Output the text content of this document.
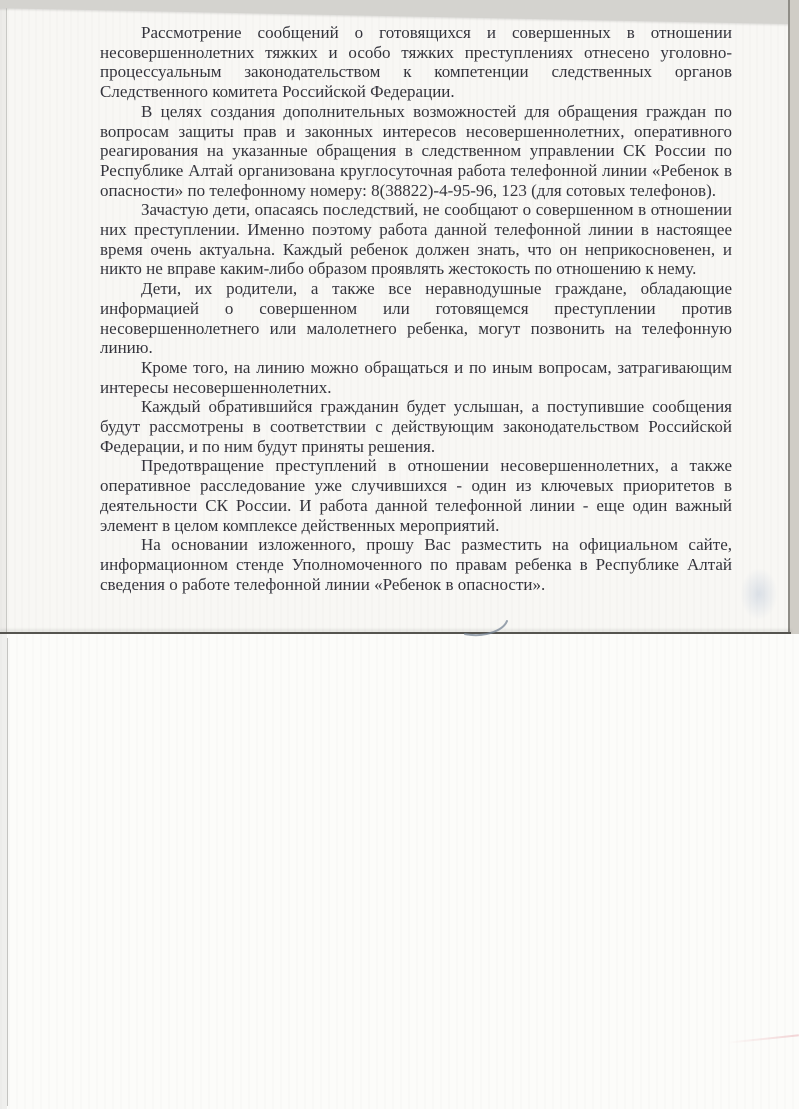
Рассмотрение сообщений о готовящихся и совершенных в отношении несовершеннолетних тяжких и особо тяжких преступлениях отнесено уголовно-процессуальным законодательством к компетенции следственных органов Следственного комитета Российской Федерации.

В целях создания дополнительных возможностей для обращения граждан по вопросам защиты прав и законных интересов несовершеннолетних, оперативного реагирования на указанные обращения в следственном управлении СК России по Республике Алтай организована круглосуточная работа телефонной линии «Ребенок в опасности» по телефонному номеру: 8(38822)-4-95-96, 123 (для сотовых телефонов).

Зачастую дети, опасаясь последствий, не сообщают о совершенном в отношении них преступлении. Именно поэтому работа данной телефонной линии в настоящее время очень актуальна. Каждый ребенок должен знать, что он неприкосновенен, и никто не вправе каким-либо образом проявлять жестокость по отношению к нему.

Дети, их родители, а также все неравнодушные граждане, обладающие информацией о совершенном или готовящемся преступлении против несовершеннолетнего или малолетнего ребенка, могут позвонить на телефонную линию.

Кроме того, на линию можно обращаться и по иным вопросам, затрагивающим интересы несовершеннолетних.

Каждый обратившийся гражданин будет услышан, а поступившие сообщения будут рассмотрены в соответствии с действующим законодательством Российской Федерации, и по ним будут приняты решения.

Предотвращение преступлений в отношении несовершеннолетних, а также оперативное расследование уже случившихся - один из ключевых приоритетов в деятельности СК России. И работа данной телефонной линии - еще один важный элемент в целом комплексе действенных мероприятий.

На основании изложенного, прошу Вас разместить на официальном сайте, информационном стенде Уполномоченного по правам ребенка в Республике Алтай сведения о работе телефонной линии «Ребенок в опасности».
